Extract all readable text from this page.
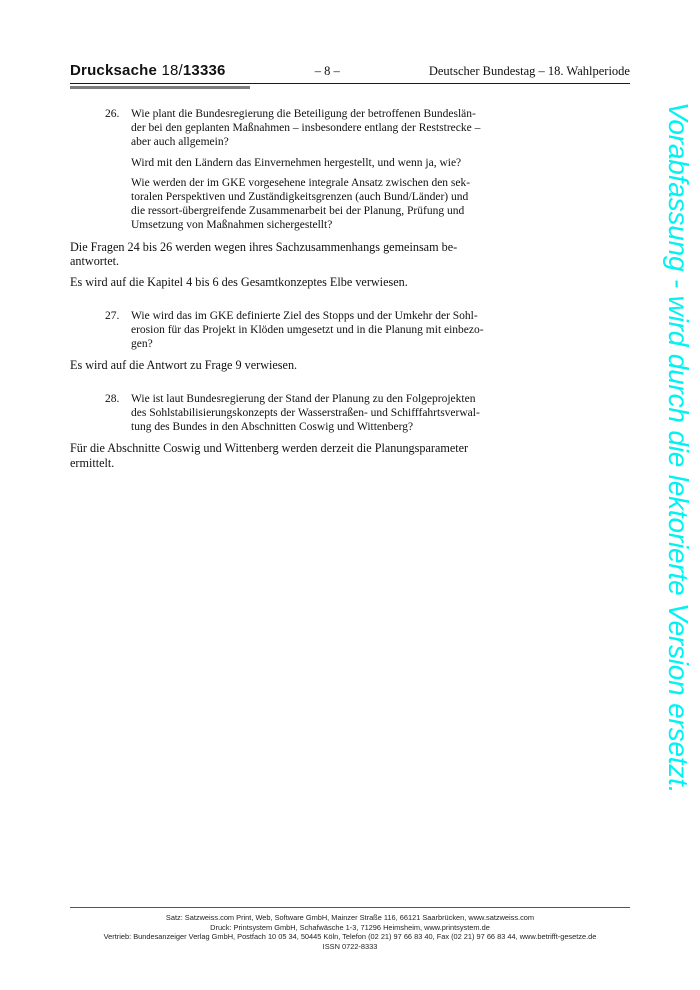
Drucksache 18/13336	– 8 –	Deutscher Bundestag – 18. Wahlperiode
26.	Wie plant die Bundesregierung die Beteiligung der betroffenen Bundeslän-
der bei den geplanten Maßnahmen – insbesondere entlang der Reststrecke –
aber auch allgemein?

Wird mit den Ländern das Einvernehmen hergestellt, und wenn ja, wie?

Wie werden der im GKE vorgesehene integrale Ansatz zwischen den sek-
toralen Perspektiven und Zuständigkeitsgrenzen (auch Bund/Länder) und
die ressort-übergreifende Zusammenarbeit bei der Planung, Prüfung und
Umsetzung von Maßnahmen sichergestellt?

Die Fragen 24 bis 26 werden wegen ihres Sachzusammenhangs gemeinsam be-
antwortet.

Es wird auf die Kapitel 4 bis 6 des Gesamtkonzeptes Elbe verwiesen.

27.	Wie wird das im GKE definierte Ziel des Stopps und der Umkehr der Sohl-
erosion für das Projekt in Klöden umgesetzt und in die Planung mit einbezo-
gen?

Es wird auf die Antwort zu Frage 9 verwiesen.

28.	Wie ist laut Bundesregierung der Stand der Planung zu den Folgeprojekten
des Sohlstabilisierungskonzepts der Wasserstraßen- und Schifffahrtsverwal-
tung des Bundes in den Abschnitten Coswig und Wittenberg?

Für die Abschnitte Coswig und Wittenberg werden derzeit die Planungsparameter
ermittelt.	Vorabfassung - wird durch die lektorierte Version ersetzt.

Satz: Satzweiss.com Print, Web, Software GmbH, Mainzer Straße 116, 66121 Saarbrücken, www.satzweiss.com

Druck: Printsystem GmbH, Schafwäsche 1-3, 71296 Heimsheim, www.printsystem.de

Vertrieb: Bundesanzeiger Verlag GmbH, Postfach 10 05 34, 50445 Köln, Telefon (02 21) 97 66 83 40, Fax (02 21) 97 66 83 44, www.betrifft-gesetze.de

ISSN 0722-8333
